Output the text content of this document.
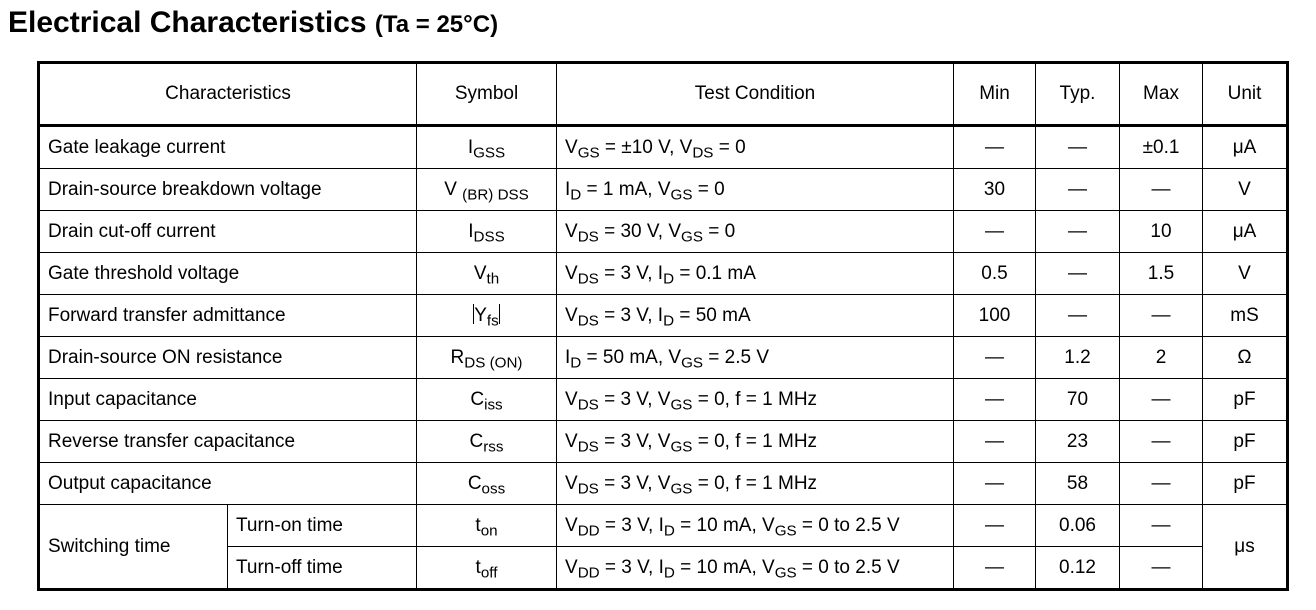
Electrical Characteristics (Ta = 25°C)
Characteristics		Symbol	Test Condition	Min	Typ.	Max	Unit
Gate leakage current		$I_{GSS}$	$V_{GS} = \pm 10$ V, $V_{DS} = 0$	—	—	±0.1	μA
Drain-source breakdown voltage		V $_{(BR) DSS}$	$I_D = 1$ mA, $V_{GS} = 0$	30	—	—	V
Drain cut-off current		$I_{DSS}$	$V_{DS} = 30$ V, $V_{GS} = 0$	—	—	10	μA
Gate threshold voltage		$V_{th}$	$V_{DS} = 3$ V, $I_D = 0.1$ mA	0.5	—	1.5	V
Forward transfer admittance		$Y_{fs}$	$V_{DS} = 3$ V, $I_D = 50$ mA	100	—	—	mS
Drain-source ON resistance		$R_{DS (ON)}$	$I_D = 50$ mA, $V_{GS} = 2.5$ V	—	1.2	2	Ω
Input capacitance		$C_{iss}$	$V_{DS} = 3$ V, $V_{GS} = 0$, f = 1 MHz	—	70	—	pF
Reverse transfer capacitance		$C_{rss}$	$V_{DS} = 3$ V, $V_{GS} = 0$, f = 1 MHz	—	23	—	pF
Output capacitance		$C_{oss}$	$V_{DS} = 3$ V, $V_{GS} = 0$, f = 1 MHz	—	58	—	pF
Switching time	Turn-on time	$t_{on}$	$V_{DD} = 3$ V, $I_D = 10$ mA, $V_{GS} = 0$ to 2.5 V	—	0.06	—	μs
	Turn-off time	$t_{off}$	$V_{DD} = 3$ V, $I_D = 10$ mA, $V_{GS} = 0$ to 2.5 V	—	0.12	—	
